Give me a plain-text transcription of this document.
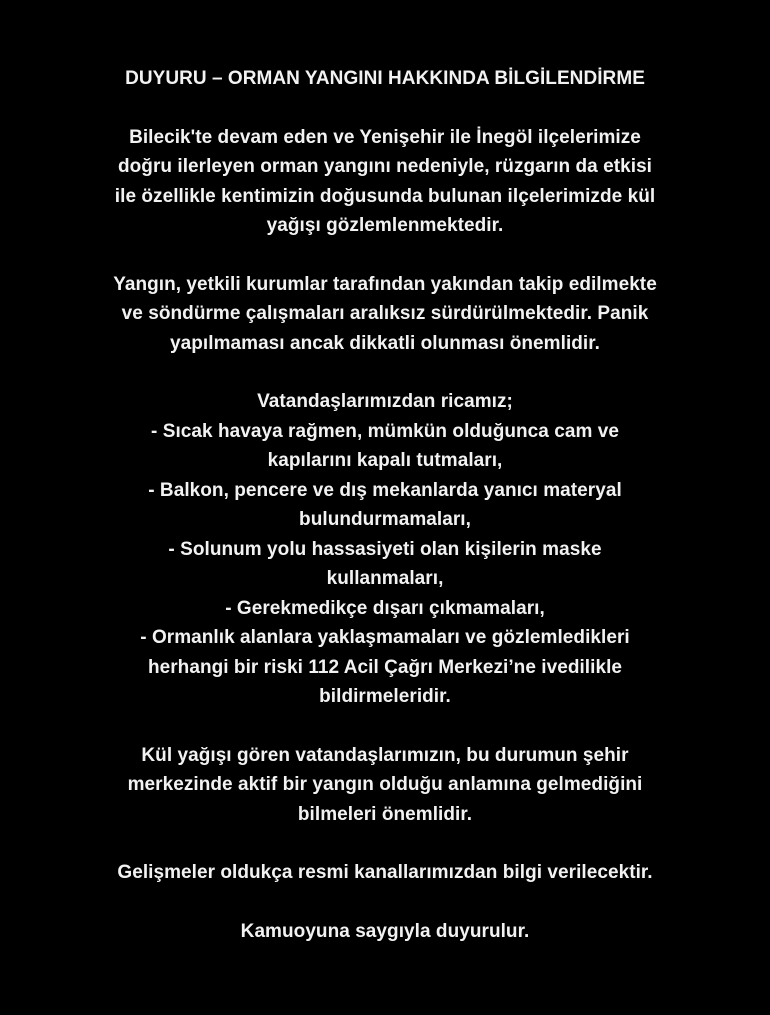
DUYURU – ORMAN YANGINI HAKKINDA BİLGİLENDİRME
Bilecik'te devam eden ve Yenişehir ile İnegöl ilçelerimize
doğru ilerleyen orman yangını nedeniyle, rüzgarın da etkisi
ile özellikle kentimizin doğusunda bulunan ilçelerimizde kül
yağışı gözlemlenmektedir.
Yangın, yetkili kurumlar tarafından yakından takip edilmekte
ve söndürme çalışmaları aralıksız sürdürülmektedir. Panik
yapılmaması ancak dikkatli olunması önemlidir.
Vatandaşlarımızdan ricamız;
- Sıcak havaya rağmen, mümkün olduğunca cam ve
kapılarını kapalı tutmaları,
- Balkon, pencere ve dış mekanlarda yanıcı materyal
bulundurmamaları,
- Solunum yolu hassasiyeti olan kişilerin maske
kullanmaları,
- Gerekmedikçe dışarı çıkmamaları,
- Ormanlık alanlara yaklaşmamaları ve gözlemledikleri
herhangi bir riski 112 Acil Çağrı Merkezi’ne ivedilikle
bildirmeleridir.
Kül yağışı gören vatandaşlarımızın, bu durumun şehir
merkezinde aktif bir yangın olduğu anlamına gelmediğini
bilmeleri önemlidir.
Gelişmeler oldukça resmi kanallarımızdan bilgi verilecektir.
Kamuoyuna saygıyla duyurulur.
